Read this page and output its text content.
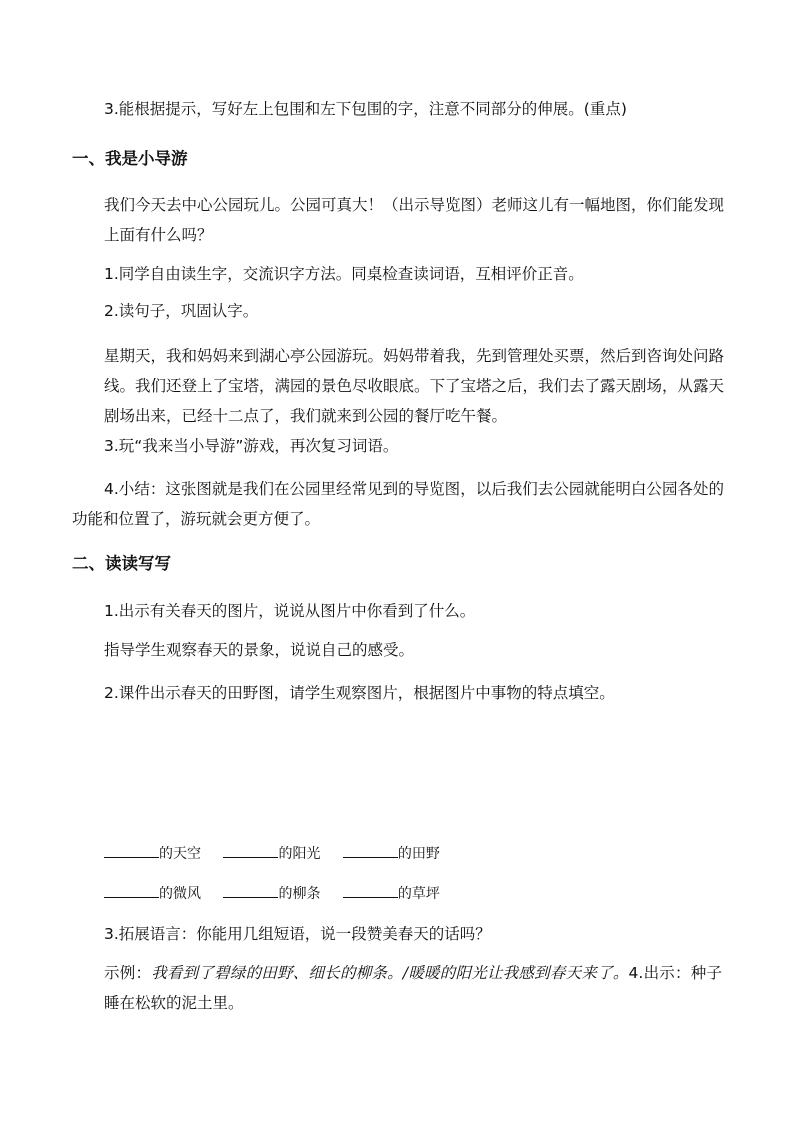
3.能根据提示，写好左上包围和左下包围的字，注意不同部分的伸展。(重点)
一、我是小导游
我们今天去中心公园玩儿。公园可真大！（出示导览图）老师这儿有一幅地图，你们能发现上面有什么吗？
1.同学自由读生字，交流识字方法。同桌检查读词语，互相评价正音。
2.读句子，巩固认字。
星期天，我和妈妈来到湖心亭公园游玩。妈妈带着我，先到管理处买票，然后到咨询处问路线。我们还登上了宝塔，满园的景色尽收眼底。下了宝塔之后，我们去了露天剧场，从露天剧场出来，已经十二点了，我们就来到公园的餐厅吃午餐。
3.玩“我来当小导游”游戏，再次复习词语。
4.小结：这张图就是我们在公园里经常见到的导览图，以后我们去公园就能明白公园各处的功能和位置了，游玩就会更方便了。
二、读读写写
1.出示有关春天的图片，说说从图片中你看到了什么。
指导学生观察春天的景象，说说自己的感受。
2.课件出示春天的田野图，请学生观察图片，根据图片中事物的特点填空。
的天空	的阳光	的田野
的微风	的柳条	的草坪
3.拓展语言：你能用几组短语，说一段赞美春天的话吗？
示例：我看到了碧绿的田野、细长的柳条。/暖暖的阳光让我感到春天来了。4.出示：种子睡在松软的泥土里。
